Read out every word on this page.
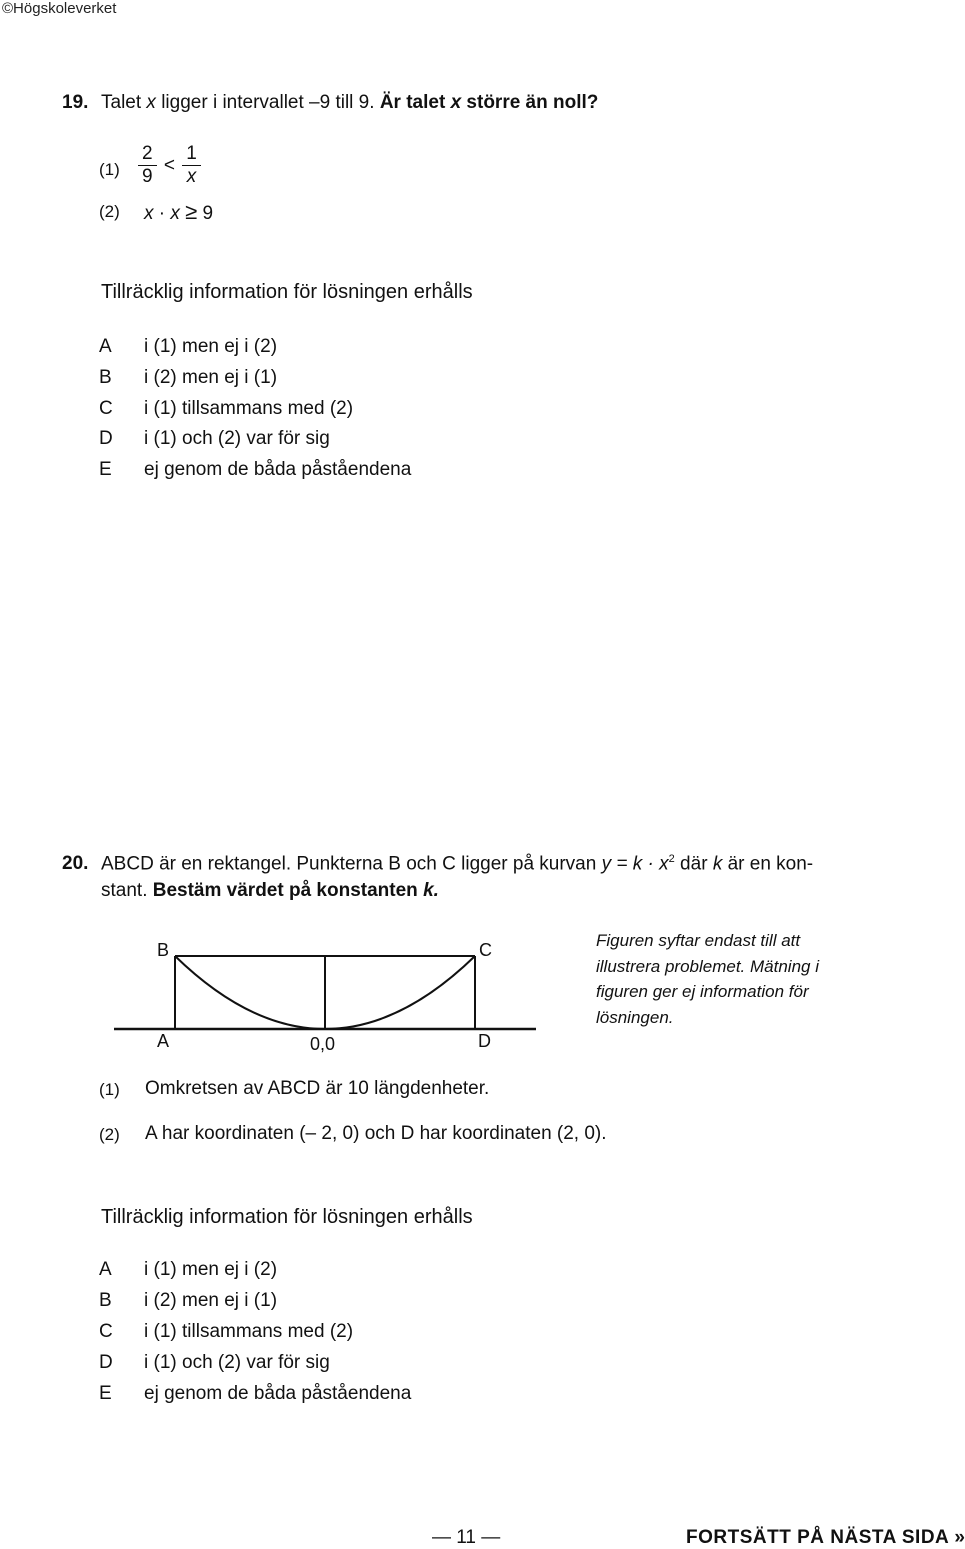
©Högskoleverket
19. Talet x ligger i intervallet –9 till 9. Är talet x större än noll?
$(1) \frac{2}{9} < \frac{1}{x}$
(2) x · x ≥ 9
Tillräcklig information för lösningen erhålls
A i (1) men ej i (2)
B i (2) men ej i (1)
C i (1) tillsammans med (2)
D i (1) och (2) var för sig
E ej genom de båda påståendena
20. ABCD är en rektangel. Punkterna B och C ligger på kurvan $y = k \cdot x^2$ där k är en kon-
stant. Bestäm värdet på konstanten k.
B	C
A	D
0,0
Figuren syftar endast till att illustrera problemet. Mätning i figuren ger ej information för lösningen.
(1) Omkretsen av ABCD är 10 längdenheter.
(2) A har koordinaten (– 2, 0) och D har koordinaten (2, 0).
Tillräcklig information för lösningen erhålls
A i (1) men ej i (2)
B i (2) men ej i (1)
C i (1) tillsammans med (2)
D i (1) och (2) var för sig
E ej genom de båda påståendena
— 11 —	FORTSÄTT PÅ NÄSTA SIDA »
